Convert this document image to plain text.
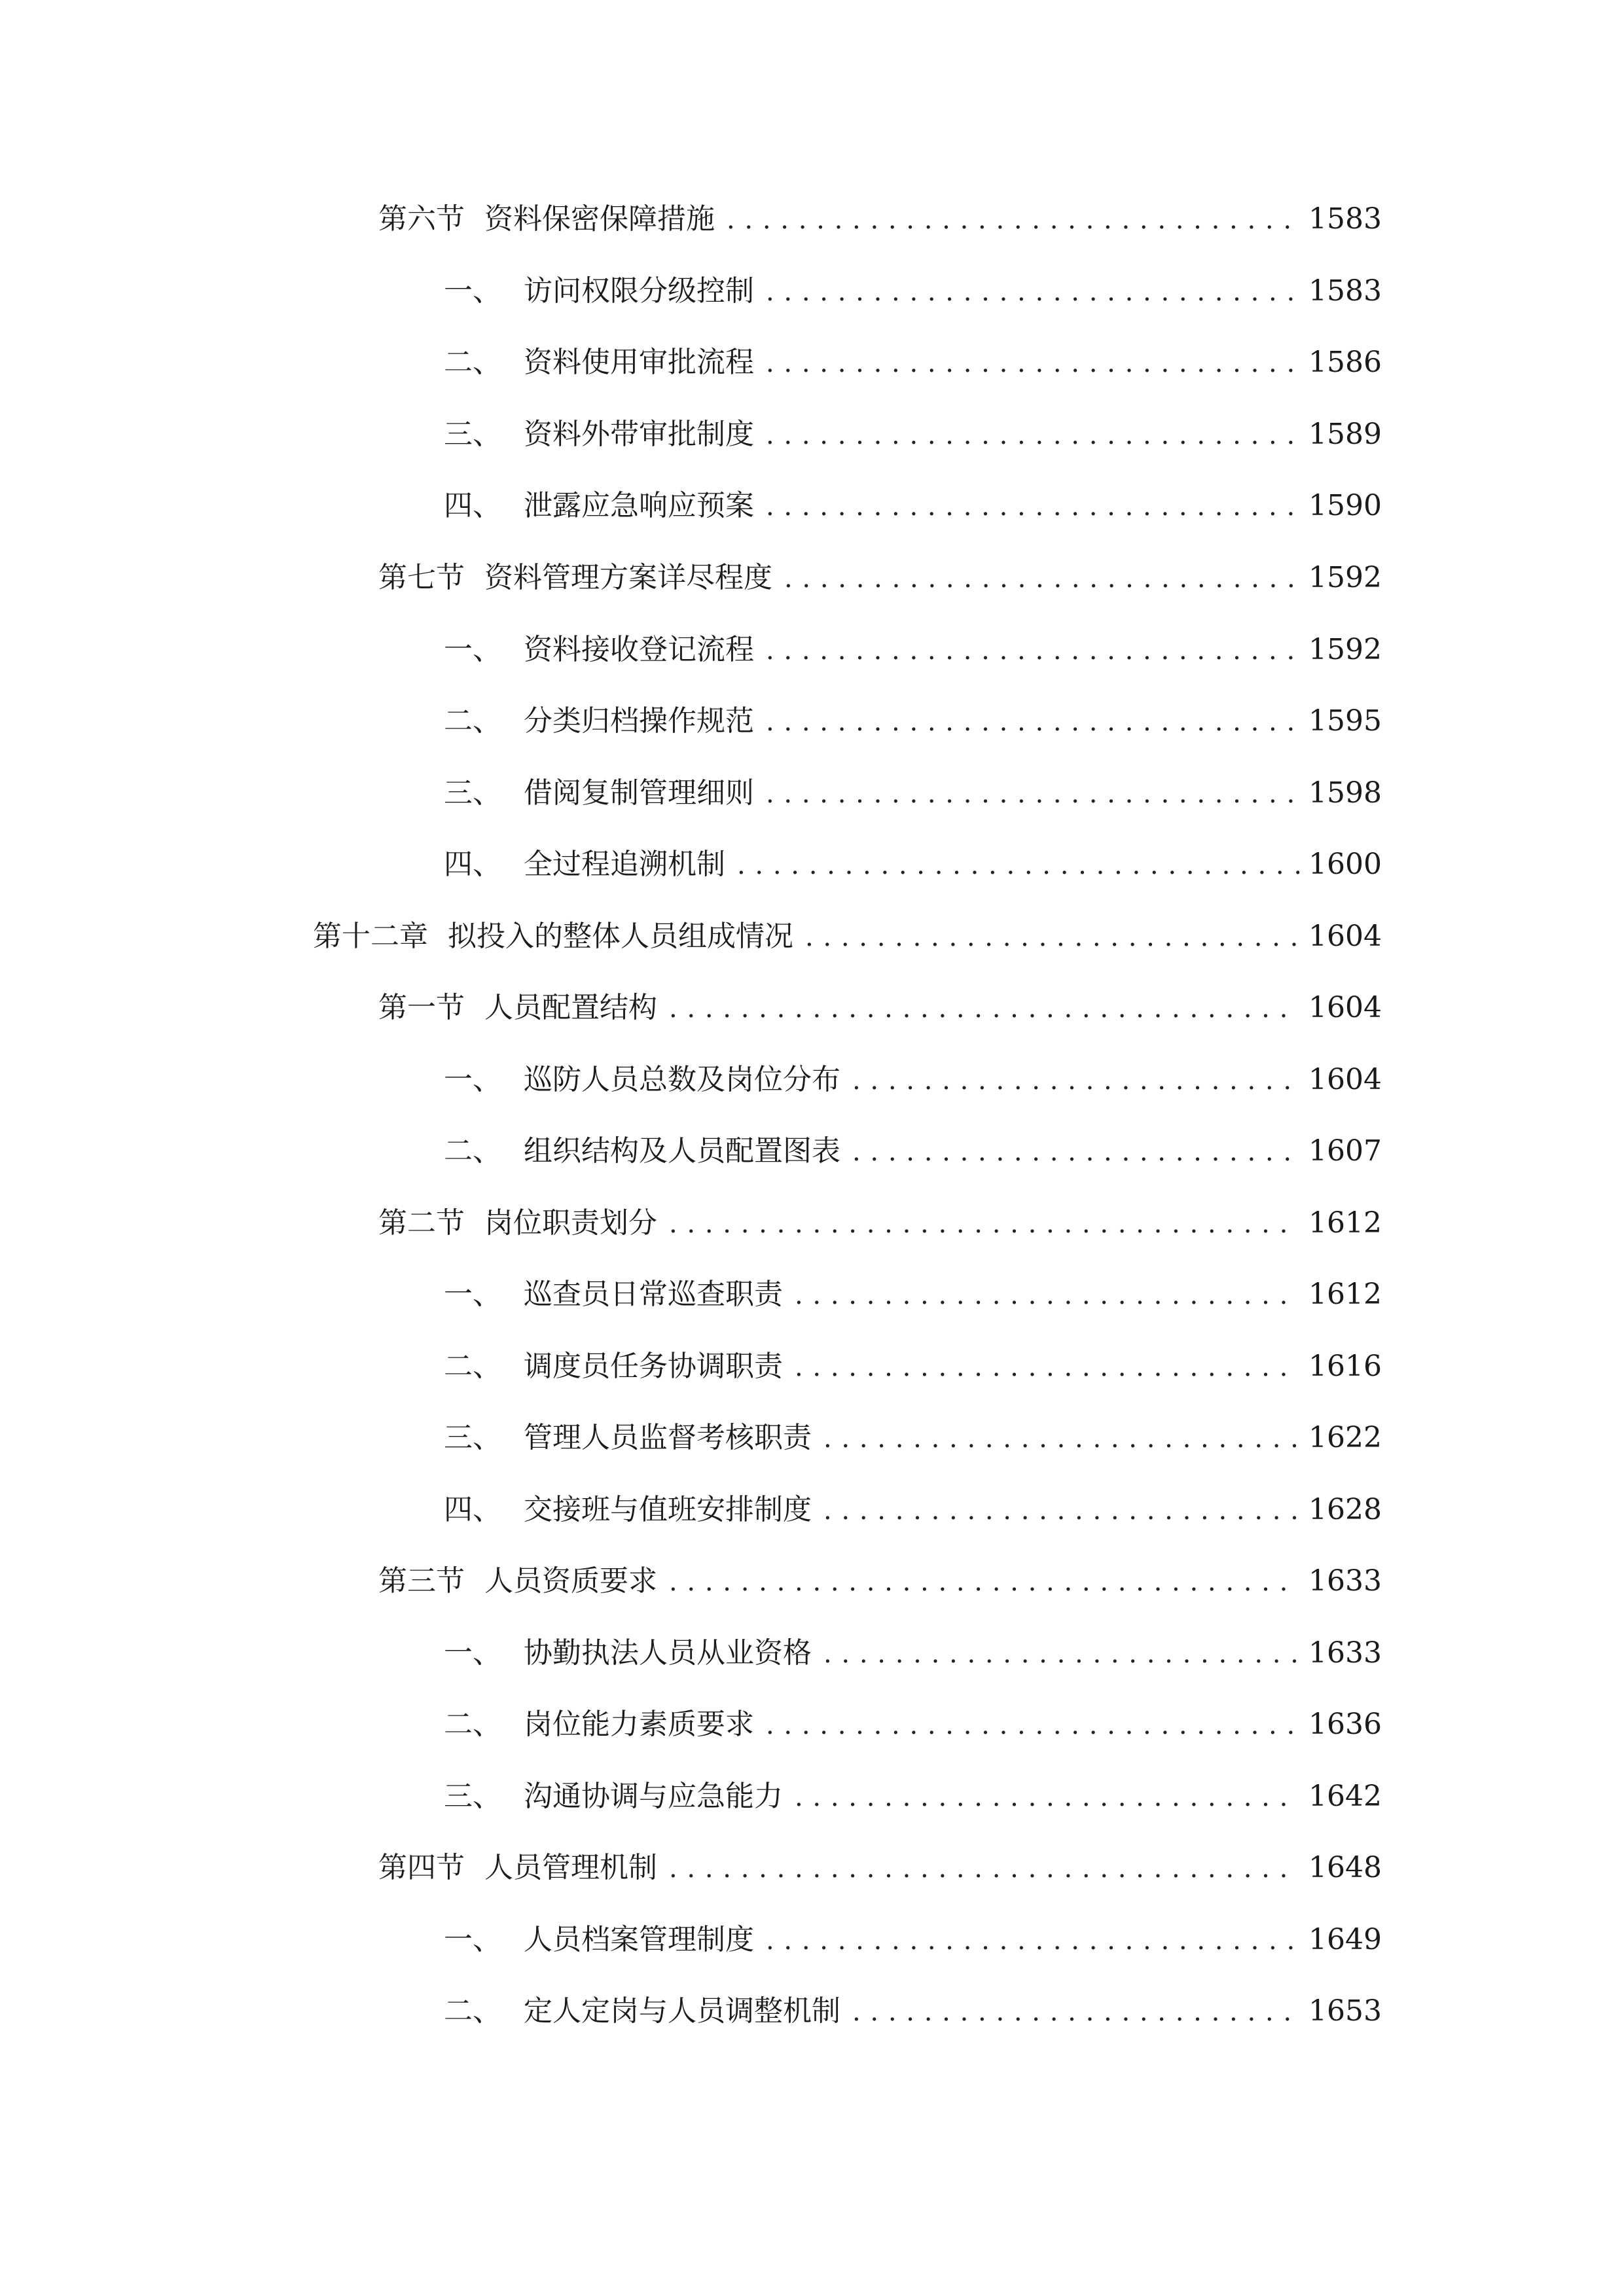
第六节 资料保密保障措施 . . .	1583
一、 访问权限分级控制 . . .	1583
二、 资料使用审批流程 . . .	1586
三、 资料外带审批制度 . . .	1589
四、 泄露应急响应预案 . . .	1590
第七节 资料管理方案详尽程度 . . .	1592
一、 资料接收登记流程 . . .	1592
二、 分类归档操作规范 . . .	1595
三、 借阅复制管理细则 . . .	1598
四、 全过程追溯机制 . . .	1600
第十二章 拟投入的整体人员组成情况 . . .	1604
第一节 人员配置结构 . . .	1604
一、 巡防人员总数及岗位分布 . . .	1604
二、 组织结构及人员配置图表 . . .	1607
第二节 岗位职责划分 . . .	1612
一、 巡查员日常巡查职责 . . .	1612
二、 调度员任务协调职责 . . .	1616
三、 管理人员监督考核职责 . . .	1622
四、 交接班与值班安排制度 . . .	1628
第三节 人员资质要求 . . .	1633
一、 协勤执法人员从业资格 . . .	1633
二、 岗位能力素质要求 . . .	1636
三、 沟通协调与应急能力 . . .	1642
第四节 人员管理机制 . . .	1648
一、 人员档案管理制度 . . .	1649
二、 定人定岗与人员调整机制 . . .	1653
